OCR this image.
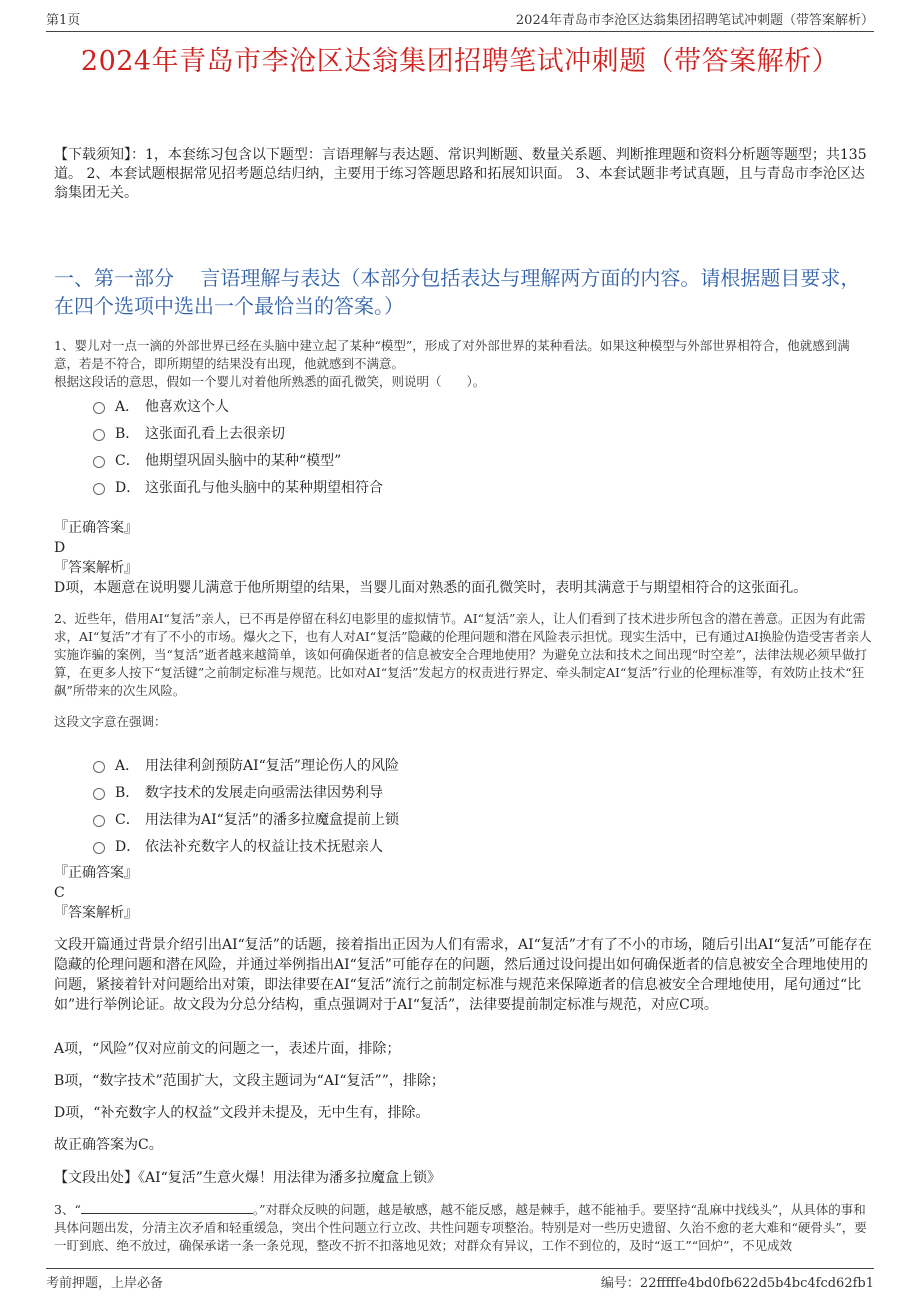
第1页	2024年青岛市李沧区达翁集团招聘笔试冲刺题（带答案解析）
2024年青岛市李沧区达翁集团招聘笔试冲刺题（带答案解析）
【下载须知】：1，本套练习包含以下题型：言语理解与表达题、常识判断题、数量关系题、判断推理题和资料分析题等题型；共135道。 2、本套试题根据常见招考题总结归纳，主要用于练习答题思路和拓展知识面。 3、本套试题非考试真题，且与青岛市李沧区达翁集团无关。
一、第一部分　 言语理解与表达（本部分包括表达与理解两方面的内容。请根据题目要求，在四个选项中选出一个最恰当的答案。）
1、婴儿对一点一滴的外部世界已经在头脑中建立起了某种“模型”，形成了对外部世界的某种看法。如果这种模型与外部世界相符合，他就感到满意，若是不符合，即所期望的结果没有出现，他就感到不满意。
根据这段话的意思，假如一个婴儿对着他所熟悉的面孔微笑，则说明（　　）。
A． 他喜欢这个人
B． 这张面孔看上去很亲切
C． 他期望巩固头脑中的某种“模型”
D． 这张面孔与他头脑中的某种期望相符合
『正确答案』
D
『答案解析』
D项，本题意在说明婴儿满意于他所期望的结果，当婴儿面对熟悉的面孔微笑时，表明其满意于与期望相符合的这张面孔。
2、近些年，借用AI“复活”亲人，已不再是停留在科幻电影里的虚拟情节。AI“复活”亲人，让人们看到了技术进步所包含的潜在善意。正因为有此需求，AI“复活”才有了不小的市场。爆火之下，也有人对AI“复活”隐藏的伦理问题和潜在风险表示担忧。现实生活中，已有通过AI换脸伪造受害者亲人实施诈骗的案例，当“复活”逝者越来越简单，该如何确保逝者的信息被安全合理地使用？为避免立法和技术之间出现“时空差”，法律法规必须早做打算，在更多人按下“复活键”之前制定标准与规范。比如对AI“复活”发起方的权责进行界定、牵头制定AI“复活”行业的伦理标准等，有效防止技术“狂飙”所带来的次生风险。
这段文字意在强调：
A． 用法律利剑预防AI“复活”理论伤人的风险
B． 数字技术的发展走向亟需法律因势利导
C． 用法律为AI“复活”的潘多拉魔盒提前上锁
D． 依法补充数字人的权益让技术抚慰亲人
『正确答案』
C
『答案解析』
文段开篇通过背景介绍引出AI“复活”的话题，接着指出正因为人们有需求，AI“复活”才有了不小的市场，随后引出AI“复活”可能存在隐藏的伦理问题和潜在风险，并通过举例指出AI“复活”可能存在的问题，然后通过设问提出如何确保逝者的信息被安全合理地使用的问题，紧接着针对问题给出对策，即法律要在AI“复活”流行之前制定标准与规范来保障逝者的信息被安全合理地使用，尾句通过“比如”进行举例论证。故文段为分总分结构，重点强调对于AI“复活”，法律要提前制定标准与规范，对应C项。
A项，“风险”仅对应前文的问题之一，表述片面，排除；
B项，“数字技术”范围扩大，文段主题词为“AI“复活””，排除；
D项，“补充数字人的权益”文段并未提及，无中生有，排除。
故正确答案为C。
【文段出处】《AI“复活”生意火爆！用法律为潘多拉魔盒上锁》
3、“	。”对群众反映的问题，越是敏感，越不能反感，越是棘手，越不能袖手。要坚持“乱麻中找线头”，从具体的事和具体问题出发，分清主次矛盾和轻重缓急，突出个性问题立行立改、共性问题专项整治。特别是对一些历史遗留、久治不愈的老大难和“硬骨头”，要一盯到底、绝不放过，确保承诺一条一条兑现，整改不折不扣落地见效；对群众有异议，工作不到位的，及时“返工”“回炉”，不见成效
考前押题，上岸必备	编号：22fffffe4bd0fb622d5b4bc4fcd62fb1
